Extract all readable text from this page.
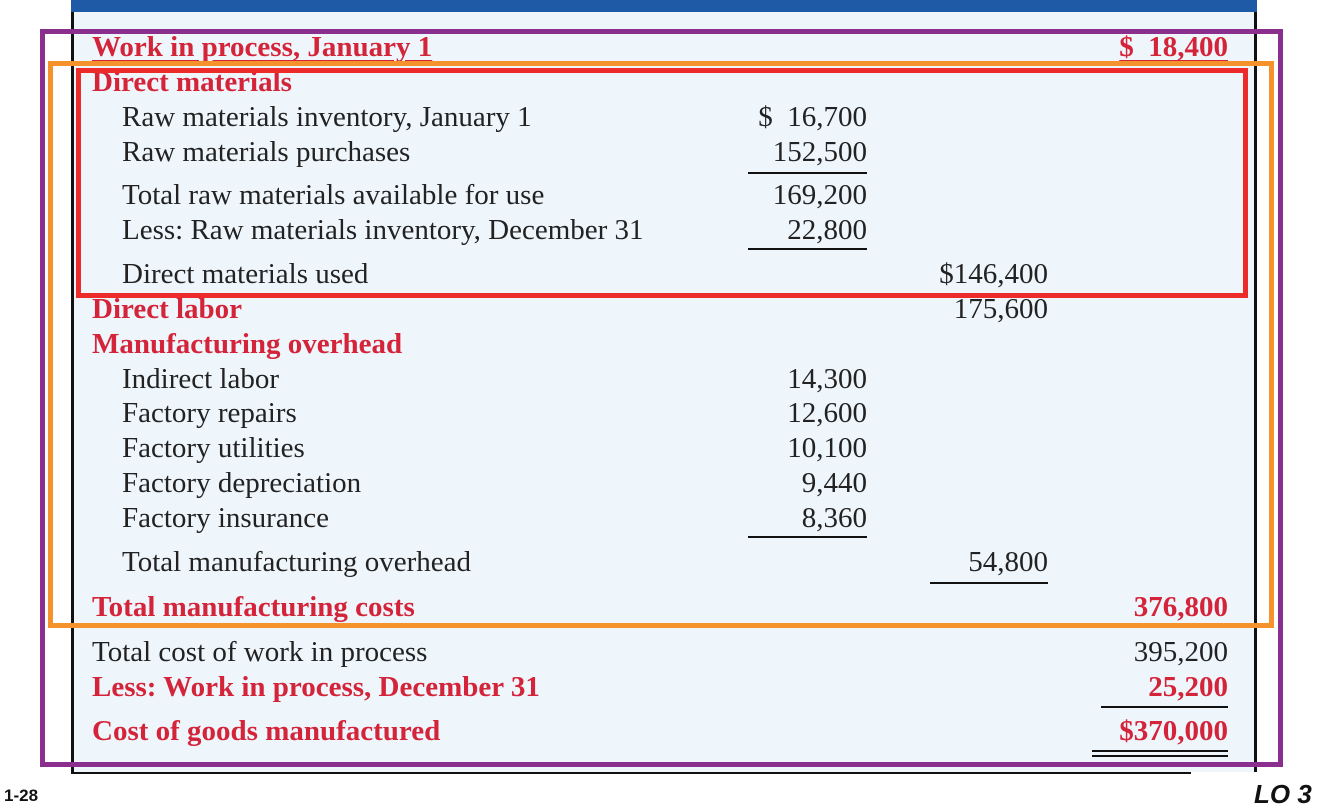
Work in process, January 1	$  18,400
Direct materials
Raw materials inventory, January 1	$  16,700
Raw materials purchases	152,500
Total raw materials available for use	169,200
Less: Raw materials inventory, December 31	22,800
Direct materials used	$146,400
Direct labor	175,600
Manufacturing overhead
Indirect labor	14,300
Factory repairs	12,600
Factory utilities	10,100
Factory depreciation	9,440
Factory insurance	8,360
Total manufacturing overhead	54,800
Total manufacturing costs	376,800
Total cost of work in process	395,200
Less: Work in process, December 31	25,200
Cost of goods manufactured	$370,000
1-28	LO 3
